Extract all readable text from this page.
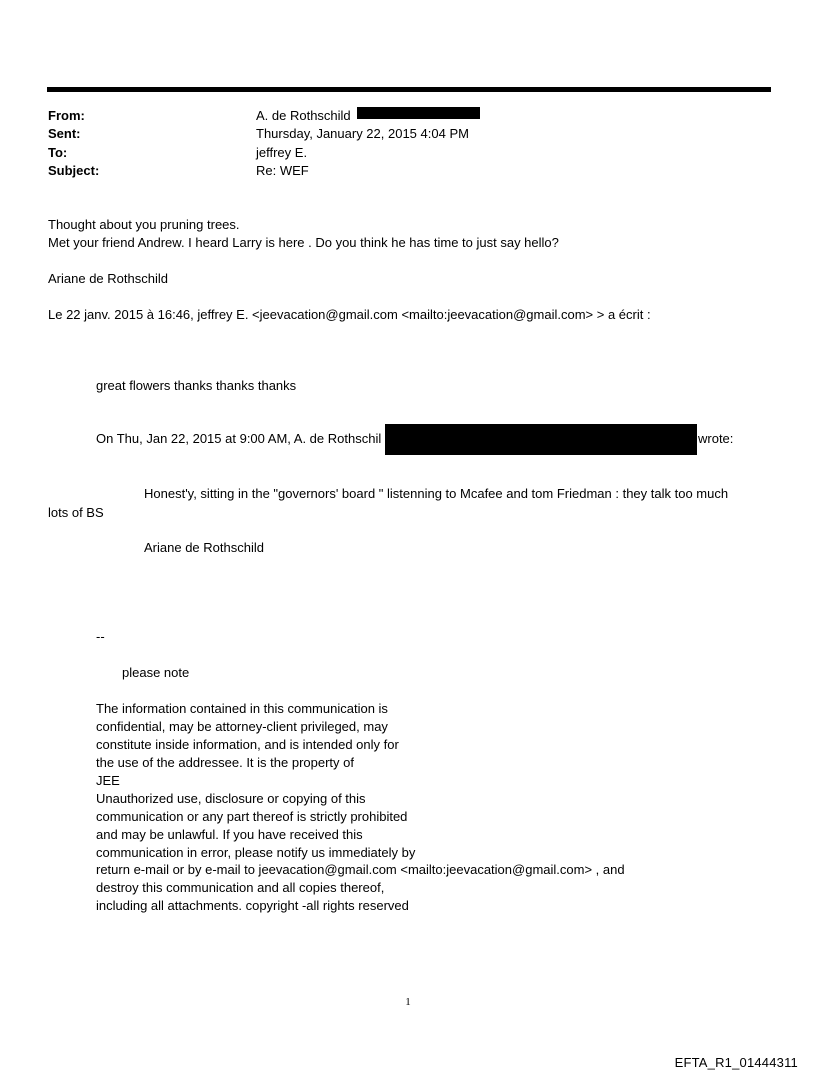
From:	A. de Rothschild
Sent:	Thursday, January 22, 2015 4:04 PM
To:	jeffrey E.
Subject:	Re: WEF
Thought about you pruning trees.
Met your friend Andrew. I heard Larry is here . Do you think he has time to just say hello?
Ariane de Rothschild
Le 22 janv. 2015 à 16:46, jeffrey E. <jeevacation@gmail.com <mailto:jeevacation@gmail.com> > a écrit :
great flowers thanks thanks thanks
On Thu, Jan 22, 2015 at 9:00 AM, A. de Rothschil	wrote:
Honest'y, sitting in the "governors' board " listenning to Mcafee and tom Friedman : they talk too much
lots of BS
Ariane de Rothschild
--
please note
The information contained in this communication is
confidential, may be attorney-client privileged, may
constitute inside information, and is intended only for
the use of the addressee. It is the property of
JEE
Unauthorized use, disclosure or copying of this
communication or any part thereof is strictly prohibited
and may be unlawful. If you have received this
communication in error, please notify us immediately by
return e-mail or by e-mail to jeevacation@gmail.com <mailto:jeevacation@gmail.com> , and
destroy this communication and all copies thereof,
including all attachments. copyright -all rights reserved
1
EFTA_R1_01444311
